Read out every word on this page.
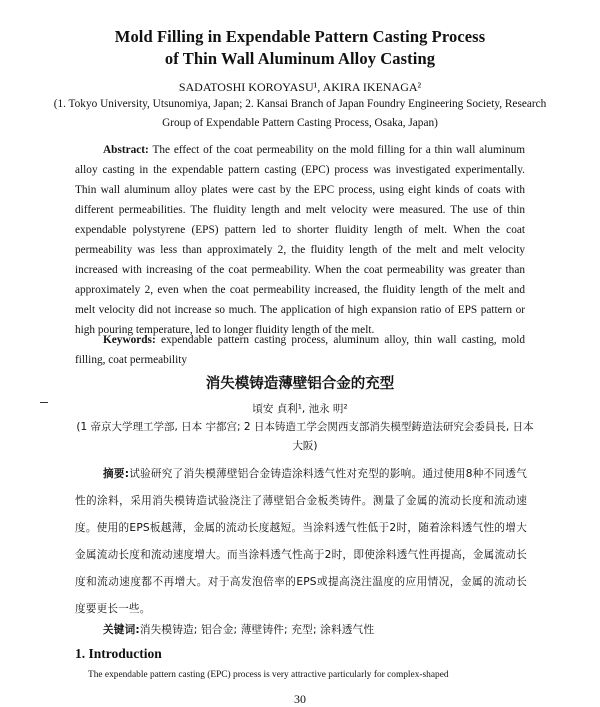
Mold Filling in Expendable Pattern Casting Process
of Thin Wall Aluminum Alloy Casting
SADATOSHI KOROYASU¹, AKIRA IKENAGA²
(1. Tokyo University, Utsunomiya, Japan; 2. Kansai Branch of Japan Foundry Engineering Society, Research Group of Expendable Pattern Casting Process, Osaka, Japan)
Abstract: The effect of the coat permeability on the mold filling for a thin wall aluminum alloy casting in the expendable pattern casting (EPC) process was investigated experimentally. Thin wall aluminum alloy plates were cast by the EPC process, using eight kinds of coats with different permeabilities. The fluidity length and melt velocity were measured. The use of thin expendable polystyrene (EPS) pattern led to shorter fluidity length of melt. When the coat permeability was less than approximately 2, the fluidity length of the melt and melt velocity increased with increasing of the coat permeability. When the coat permeability was greater than approximately 2, even when the coat permeability increased, the fluidity length of the melt and melt velocity did not increase so much. The application of high expansion ratio of EPS pattern or high pouring temperature, led to longer fluidity length of the melt.
Keywords: expendable pattern casting process, aluminum alloy, thin wall casting, mold filling, coat permeability
消失模铸造薄壁铝合金的充型
頃安 貞利¹, 池永 明²
(1 帝京大学理工学部, 日本 宇都宫; 2 日本铸造工学会関西支部消失模型鋳造法研究会委員長, 日本 大阪)
摘要:试验研究了消失模薄壁铝合金铸造涂料透气性对充型的影响。通过使用8种不同透气性的涂料，采用消失模铸造试验浇注了薄壁铝合金板类铸件。测量了金属的流动长度和流动速度。使用的EPS板越薄，金属的流动长度越短。当涂料透气性低于2时，随着涂料透气性的增大金属流动长度和流动速度增大。而当涂料透气性高于2时，即使涂料透气性再提高，金属流动长度和流动速度都不再增大。对于高发泡倍率的EPS或提高浇注温度的应用情况，金属的流动长度要更长一些。
关键词:消失模铸造; 铝合金; 薄壁铸件; 充型; 涂料透气性
1. Introduction
The expendable pattern casting (EPC) process is very attractive particularly for complex-shaped
30
